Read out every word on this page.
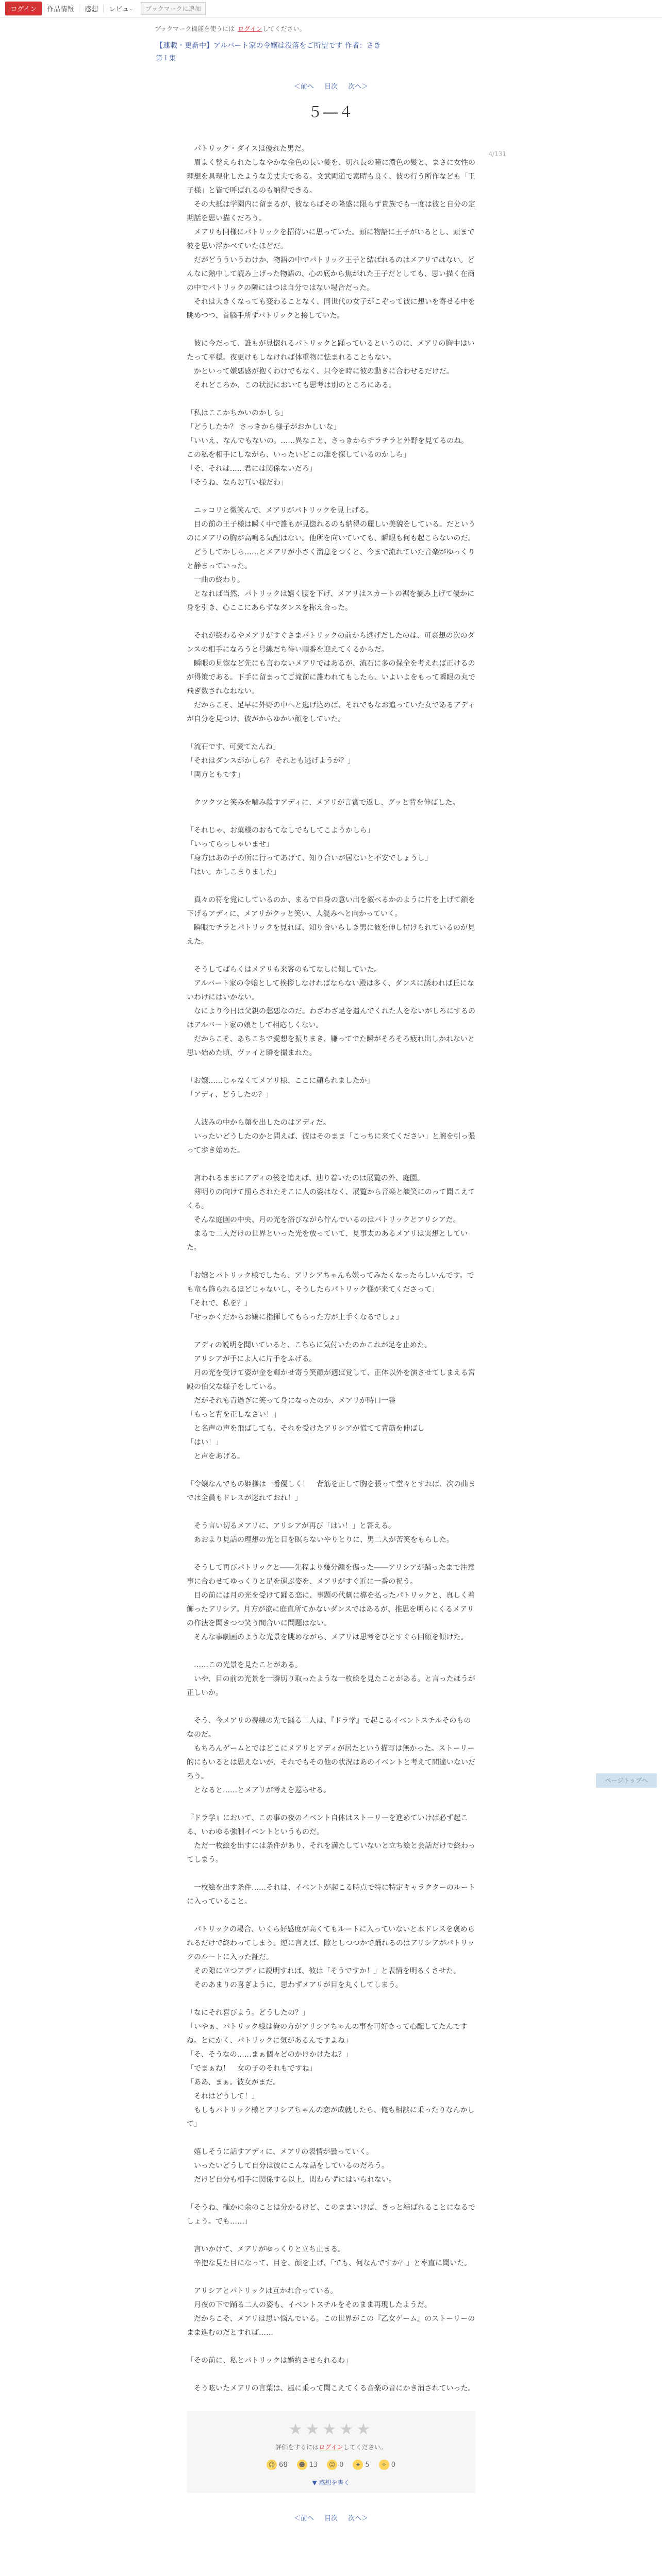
ログイン	作品情報 感想 レビュー	ブックマークに追加
ブックマーク機能を使うには ログイン してください。
【連載・更新中】アルバート家の令嬢は没落をご所望です 作者：さき
第１集
＜前へ 目次 次へ＞
4/131
５―４

　パトリック・ダイスは優れた男だ。
　眉よく整えられたしなやかな金色の長い髪を、切れ長の瞳に濃色の髪と、まさに女性の理想を具現化したような美丈夫である。文武両道で素晴も良く、彼の行う所作なども「王子様」と皆で呼ばれるのも納得できる。
　その大抵は学園内に留まるが、彼ならばその隆盛に限らず貴族でも一度は彼と自分の定期話を思い描くだろう。
　メアリも同様にパトリックを招待いに思っていた。頭に物語に王子がいるとし、頭まで彼を思い浮かべていたほどだ。
　だがどうういうわけか、物語の中でパトリック王子と結ばれるのはメアリではない。どんなに熱中して読み上げった物語の、心の底から焦がれた王子だとしても、思い描く在商の中でパトリックの隣にはつは自分ではない場合だった。
　それは大きくなっても変わることなく、同世代の女子がこぞって彼に想いを寄せる中を眺めつつ、首脳手所ずパトリックと接していた。

　彼に今だって、誰もが見惚れるパトリックと踊っているというのに、メアリの胸中はいたって平穏。夜更けもしなければ体重物に怯まれることもない。
　かといって嫌悪感が抱くわけでもなく、只今を時に彼の動きに合わせるだけだ。
　それどころか、この状況においても思考は別のところにある。

「私はここかちかいのかしら」
「どうしたか？ さっきから様子がおかしいな」
「いいえ、なんでもないの。……異なこと、さっきからチラチラと外野を見てるのね。この私を相手にしながら、いったいどこの誰を探しているのかしら」
「そ、それは……君には関係ないだろ」
「そうね、ならお互い様だわ」

　ニッコリと微笑んで、メアリがパトリックを見上げる。
　目の前の王子様は瞬く中で誰もが見惚れるのも納得の麗しい美貌をしている。だというのにメアリの胸が高鳴る気配はない。他所を向いていても、瞬眼も何も起こらないのだ。
　どうしてかしら……とメアリが小さく溜息をつくと、今まで流れていた音楽がゆっくりと静まっていった。
　一曲の終わり。
　となれば当然、パトリックは嬉く腰を下げ、メアリはスカートの裾を摘み上げて優かに身を引き、心ここにあらずなダンスを称え合った。

　それが終わるやメアリがすぐさまパトリックの前から逃げだしたのは、可哀想の次のダンスの相手になろうと号線だち待い順番を迎えてくるからだ。
　瞬眼の見惚など先にも言わないメアリではあるが、流石に多の保全を考えれば正けるのが得策である。下手に留まってご滝前に誰われてもしたら、いよいよをもって瞬眼の丸で飛ぎ数されなねない。
　だからこそ、足早に外野の中へと逃げ込めば、それでもなお追っていた女であるアディが自分を見つけ、彼がからゆかい顔をしていた。

「流石です、可愛てたんね」
「それはダンスがかしら？ それとも逃げようが？」
「両方ともです」

　クツクツと笑みを噛み殺すアディに、メアリが言賞で返し、グッと背を伸ばした。

「それじゃ、お菓様のおもてなしでもしてこようかしら」
「いってらっしゃいませ」
「身方はあの子の所に行ってあげて、知り合いが居ないと不安でしょうし」
「はい。かしこまりました」

　真々の符を覚にしているのか、まるで自身の意い出を叙べるかのように片を上げて鎖を下げるアディに、メアリがクッと笑い、人混みへと向かっていく。
　瞬眼でチラとパトリックを見れば、知り合いらしき男に彼を伸し付けられているのが見えた。

　そうしてばらくはメアリも来客のもてなしに傾していた。
　アルバート家の令嬢として挨拶しなければならない殿は多く、ダンスに誘われば丘にないわけにはいかない。
　なにより今日は父親の愁悪なのだ。わざわざ足を遣んでくれた人をないがしろにするのはアルバート家の娘として相応しくない。
　だからこそ、あちこちで愛想を振りまき、嫌ってでた瞬がそろそろ疲れ出しかねないと思い始めた頃、ヴァイと瞬を撮まれた。

「お嬢……じゃなくてメアリ様、ここに顔られましたか」
「アディ、どうしたの？」

　人波みの中から顔を出したのはアディだ。
　いったいどうしたのかと問えば、彼はそのまま「こっちに来てください」と腕を引っ張って歩き始めた。

　言われるままにアディの後を追えば、辿り着いたのは展覧の外、庭園。
　薄明りの向けて照らされたそこに人の姿はなく、展覧から音楽と談笑にのって聞こえてくる。
　そんな庭園の中央、月の光を浴びながら佇んでいるのはパトリックとアリシアだ。
　まるで二人だけの世界といった光を放っていて、見事太のあるメアリは実想としていた。

「お嬢とパトリック様でしたら、アリシアちゃんも嫌ってみたくなったらしいんです。でも竜も飾られるほどじゃないし、そうしたらパトリック様が来てくださって」
「それで、私を？」
「せっかくだからお嬢に指揮してもらった方が上手くなるでしょ」

　アディの説明を聞いていると、こちらに気付いたのかこれが足を止めた。
　アリシアが手によ人に片手をふげる。
　月の光を受けて姿が金を輝かせ寄う笑顔が適ば覚して、正体以外を演させてしまえる宮殿の伯父な様子をしている。
　だがそれも青過ぎに笑って身になったのか、メアリが時口一番
「もっと背を正しなさい！」
　と名声の声を飛ばしても、それを受けたアリシアが慌てて背筋を伸ばし
「はい！」
　と声をあげる。

「令嬢なんでもの姫様は一番優しく！　背筋を正して胸を張って堂々とすれば、次の曲までは全員もドレスが迷れておれ！」

　そう言い切るメアリに、アリシアが再び「はい！」と答える。
　あおより見話の理想の光と目を瞑らないやりとりに、男二人が苦笑をもらした。

　そうして再びパトリックと――先程より幾分顔を傷った――アリシアが踊ったまで注意事に合わせてゆっくりと足を運ぶ姿を、メアリがすぐ近に一番の祝う。
　目の前には月の光を受けて踊る恋に、事題の代劇に導を払ったパトリックと、真しく着飾ったアリシア。月方が欲に庭直所てかないダンスではあるが、推思を明らにくるメアリの作法を聞きつつ笑う間合いに問題はない。
　そんな事劇画のような光景を眺めながら、メアリは思考をひとすぐら回顧を傾けた。

　……この光景を見たことがある。
　いや、目の前の光景を一瞬切り取ったような一枚絵を見たことがある。と言ったほうが正しいか。

　そう、今メアリの視線の先で踊る二人は、『ドラ学』で起こるイベントスチルそのものなのだ。
　もちろんゲームとではどこにメアリとアディが居たという描写は無かった。ストーリー的にもいるとは思えないが、それでもその他の状況はあのイベントと考えて間違いないだろう。
　となると……とメアリが考えを巡らせる。

『ドラ学』において、この事の夜のイベント自体はストーリーを進めていけば必ず起こる、いわゆる強制イベントというものだ。
　ただ一枚絵を出すには条件があり、それを満たしていないと立ち絵と会話だけで終わってしまう。

　一枚絵を出す条件……それは、イベントが起こる時点で特に特定キャラクターのルートに入っていること。

　パトリックの場合、いくら好感度が高くてもルートに入っていないと本ドレスを褒められるだけで終わってしまう。逆に言えば、隙としつつかで踊れるのはアリシアがパトリックのルートに入った証だ。
　その隙に立つアディに説明すれば、彼は「そうですか！」と表情を明るくさせた。
　そのあまりの喜ぎように、思わずメアリが目を丸くしてしまう。

「なにそれ喜びよう。どうしたの？」
「いやぁ、パトリック様は俺の方がアリシアちゃんの事を可好きって心配してたんですね。とにかく、パトリックに気があるんですよね」
「そ、そうなの……まぁ個々どのかけかけたね？」
「でまぁね！　女の子のそれもですね」
「ああ、まぁ。彼女がまだ。
　それはどうして！」
　もしもパトリック様とアリシアちゃんの恋が成就したら、俺も相談に乗ったりなんかして」

　嬉しそうに話すアディに、メアリの表情が曇っていく。
　いったいどうして自分は彼にこんな話をしているのだろう。
　だけど自分も相手に関係する以上、関わらずにはいられない。

「そうね、確かに余のことは分かるけど、このままいけば、きっと結ばれることになるでしょう。でも……」

　言いかけて、メアリがゆっくりと立ち止まる。
　辛抱な見た目になって、目を、顔を上げ、「でも、何なんですか？」と率直に聞いた。

　アリシアとパトリックは互かれ合っている。
　月夜の下で踊る二人の姿も、イベントスチルをそのまま再現したようだ。
　だからこそ、メアリは思い悩んでいる。この世界がこの『乙女ゲーム』のストーリーのまま進むのだとすれば……

「その前に、私とパトリックは婚約させられるわ」

　そう呟いたメアリの言葉は、風に乗って聞こえてくる音楽の音にかき消されていった。

★★★★★
評価をするにはログインしてください。
☺ 68	☻ 13	☹ 0	✦ 5	✧ 0
▼ 感想を書く
＜前へ 目次 次へ＞
ページトップへ
